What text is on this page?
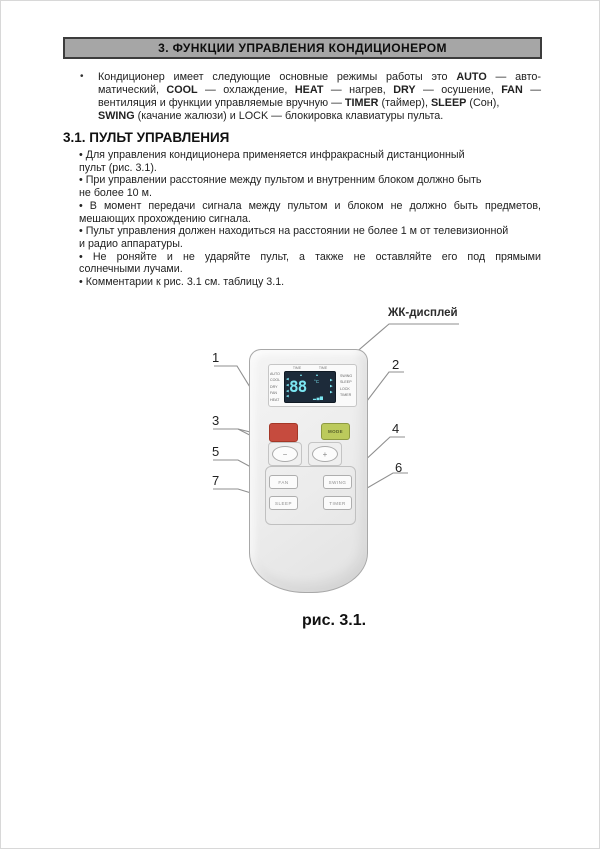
3. ФУНКЦИИ УПРАВЛЕНИЯ КОНДИЦИОНЕРОМ
• Кондиционер имеет следующие основные режимы работы это AUTO — авто-
матический, COOL — охлаждение, HEAT — нагрев, DRY — осушение, FAN —
вентиляция и функции управляемые вручную — TIMER (таймер), SLEEP (Сон),
SWING (качание жалюзи) и LOCK — блокировка клавиатуры пульта.
3.1. ПУЛЬТ УПРАВЛЕНИЯ
• Для управления кондиционера применяется инфракрасный дистанционный
пульт (рис. 3.1).
• При управлении расстояние между пультом и внутренним блоком должно быть
не более 10 м.
• В момент передачи сигнала между пультом и блоком не должно быть предметов,
мешающих прохождению сигнала.
• Пульт управления должен находиться на расстоянии не более 1 м от телевизионной
и радио аппаратуры.
• Не роняйте и не ударяйте пульт, а также не оставляйте его под прямыми
солнечными лучами.
• Комментарии к рис. 3.1 см. таблицу 3.1.
ЖК-дисплей
1	2
3
4
5
6
7
TIME	TIME
AUTO
COOL
DRY
FAN
HEAT
SWING
SLEEP
LOCK
TIMER
▲	▲
◀
◀
◀
◀
▶
▶
▶
88 °C
▂▄▆
MODE
−	+
FAN	SWING
SLEEP	TIMER
рис. 3.1.
